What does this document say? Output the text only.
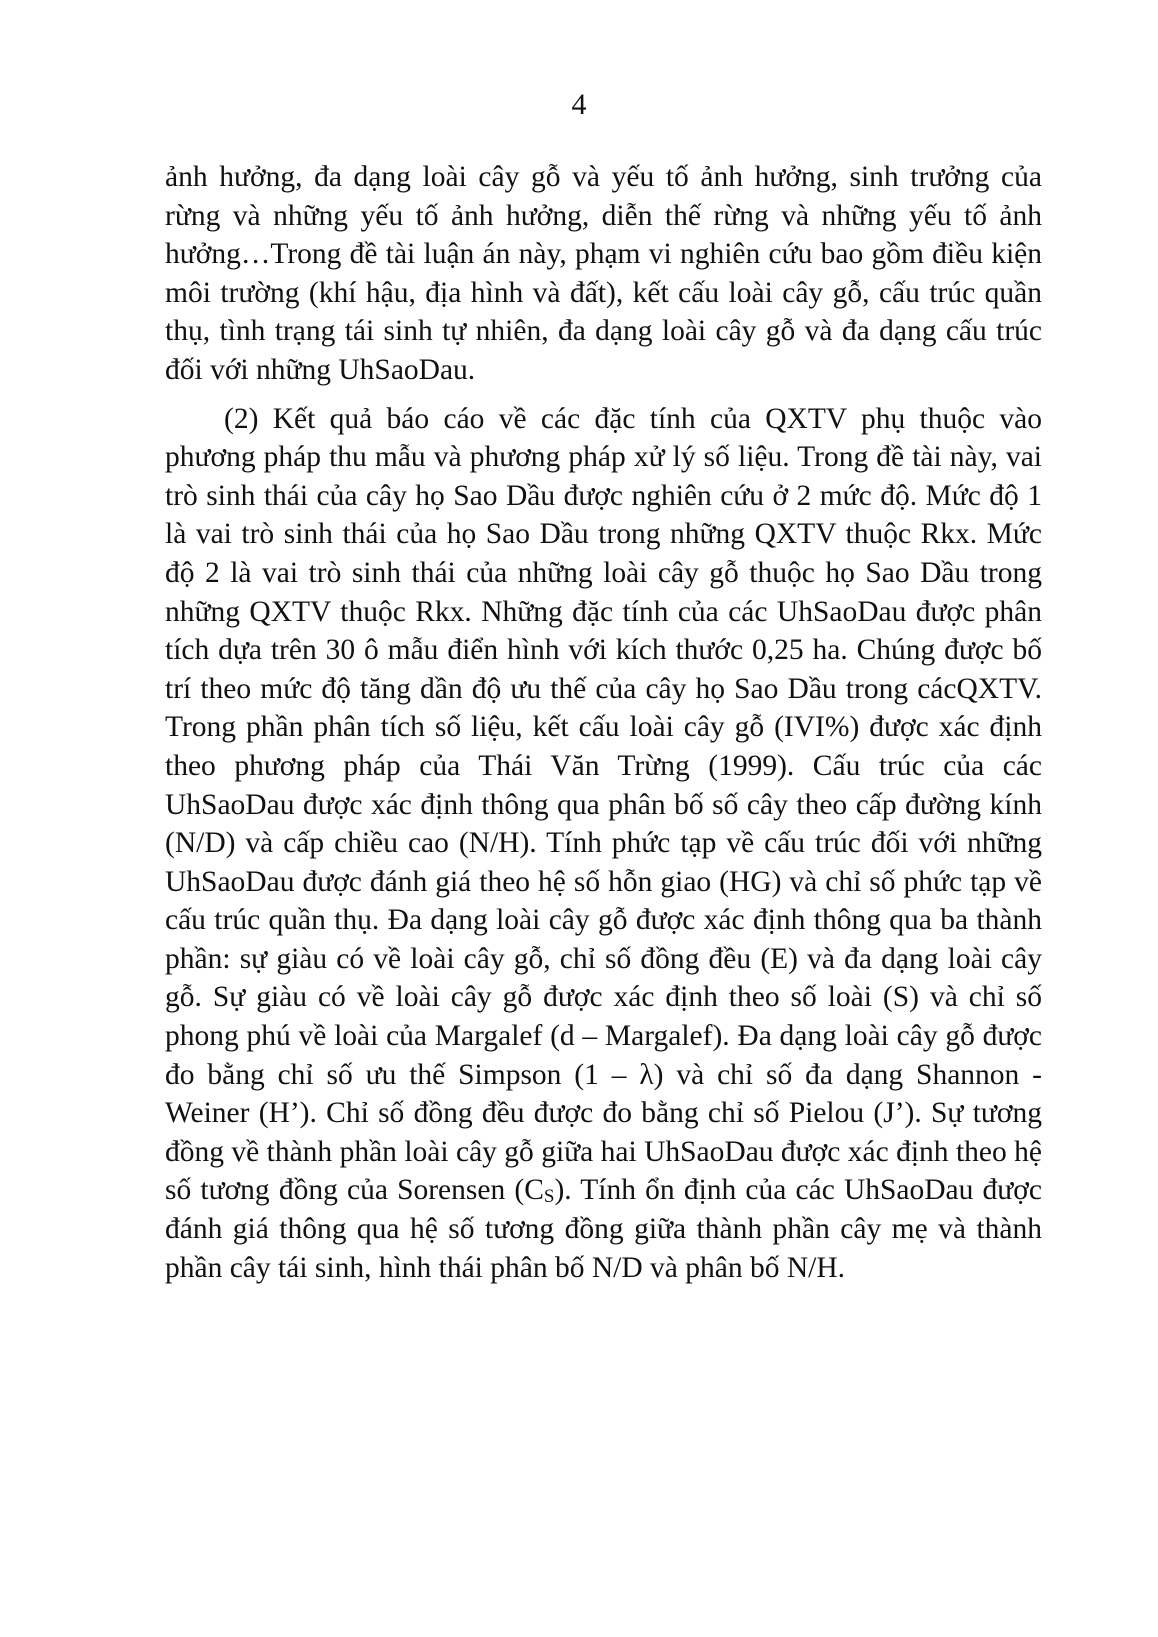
4

ảnh hưởng, đa dạng loài cây gỗ và yếu tố ảnh hưởng, sinh trưởng của rừng và những yếu tố ảnh hưởng, diễn thế rừng và những yếu tố ảnh hưởng…Trong đề tài luận án này, phạm vi nghiên cứu bao gồm điều kiện môi trường (khí hậu, địa hình và đất), kết cấu loài cây gỗ, cấu trúc quần thụ, tình trạng tái sinh tự nhiên, đa dạng loài cây gỗ và đa dạng cấu trúc đối với những UhSaoDau.

(2) Kết quả báo cáo về các đặc tính của QXTV phụ thuộc vào phương pháp thu mẫu và phương pháp xử lý số liệu. Trong đề tài này, vai trò sinh thái của cây họ Sao Dầu được nghiên cứu ở 2 mức độ. Mức độ 1 là vai trò sinh thái của họ Sao Dầu trong những QXTV thuộc Rkx. Mức độ 2 là vai trò sinh thái của những loài cây gỗ thuộc họ Sao Dầu trong những QXTV thuộc Rkx. Những đặc tính của các UhSaoDau được phân tích dựa trên 30 ô mẫu điển hình với kích thước 0,25 ha. Chúng được bố trí theo mức độ tăng dần độ ưu thế của cây họ Sao Dầu trong cácQXTV. Trong phần phân tích số liệu, kết cấu loài cây gỗ (IVI%) được xác định theo phương pháp của Thái Văn Trừng (1999). Cấu trúc của các UhSaoDau được xác định thông qua phân bố số cây theo cấp đường kính (N/D) và cấp chiều cao (N/H). Tính phức tạp về cấu trúc đối với những UhSaoDau được đánh giá theo hệ số hỗn giao (HG) và chỉ số phức tạp về cấu trúc quần thụ. Đa dạng loài cây gỗ được xác định thông qua ba thành phần: sự giàu có về loài cây gỗ, chỉ số đồng đều (E) và đa dạng loài cây gỗ. Sự giàu có về loài cây gỗ được xác định theo số loài (S) và chỉ số phong phú về loài của Margalef (d – Margalef). Đa dạng loài cây gỗ được đo bằng chỉ số ưu thế Simpson (1 – λ) và chỉ số đa dạng Shannon - Weiner (H’). Chỉ số đồng đều được đo bằng chỉ số Pielou (J’). Sự tương đồng về thành phần loài cây gỗ giữa hai UhSaoDau được xác định theo hệ số tương đồng của Sorensen (CS). Tính ổn định của các UhSaoDau được đánh giá thông qua hệ số tương đồng giữa thành phần cây mẹ và thành phần cây tái sinh, hình thái phân bố N/D và phân bố N/H.
